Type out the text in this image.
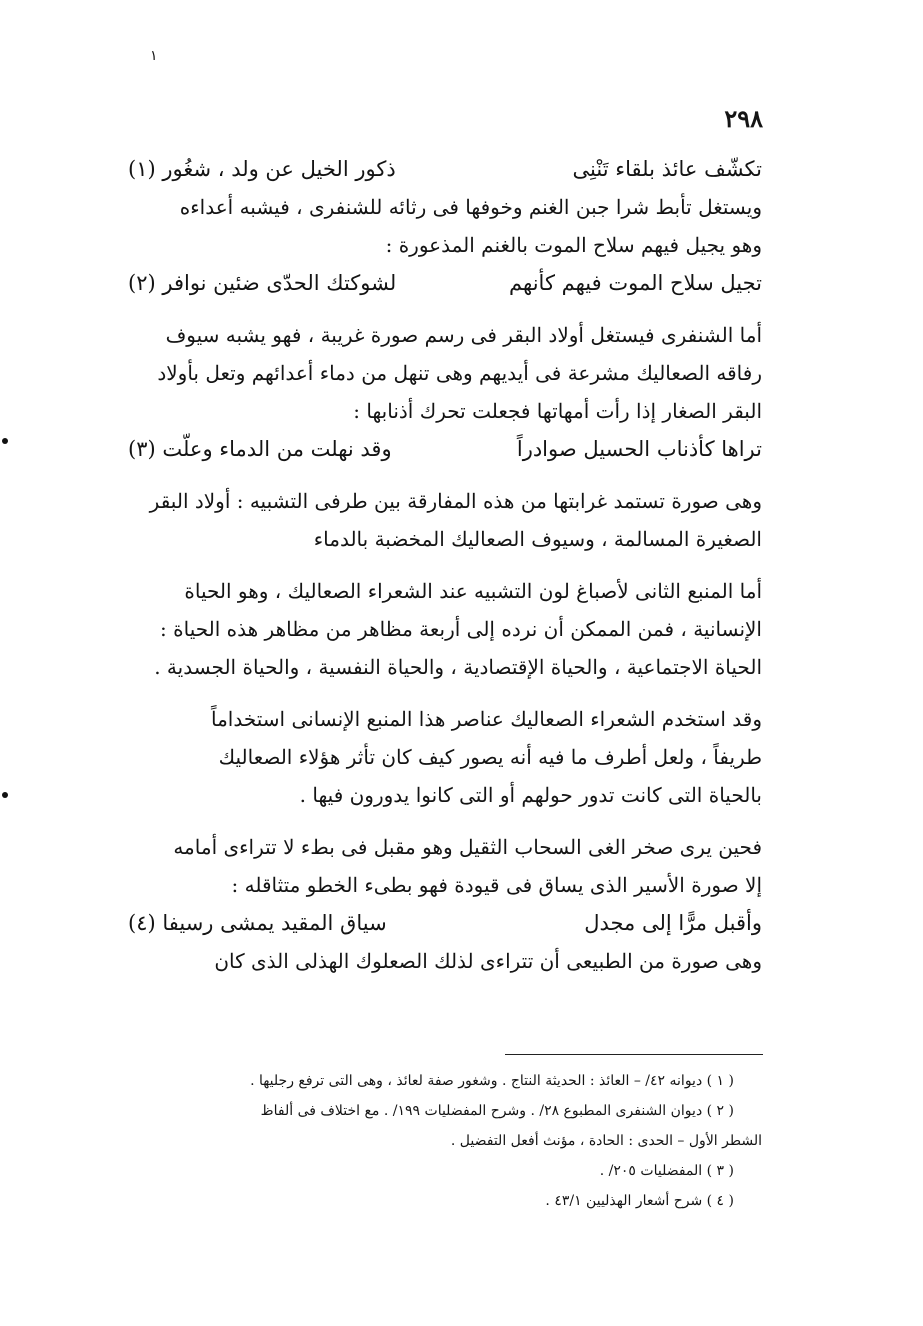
١
٢٩٨
تكشّف عائذ بلقاء تَنْنِى
ذكور الخيل عن ولد ، شغُور (١)
ويستغل تأبط شرا جبن الغنم وخوفها فى رثائه للشنفرى ، فيشبه أعداءه
وهو يجيل فيهم سلاح الموت بالغنم المذعورة :
تجيل سلاح الموت فيهم كأنهم
لشوكتك الحدّى ضئين نوافر (٢)
أما الشنفرى فيستغل أولاد البقر فى رسم صورة غريبة ، فهو يشبه سيوف
رفاقه الصعاليك مشرعة فى أيديهم وهى تنهل من دماء أعدائهم وتعل بأولاد
البقر الصغار إذا رأت أمهاتها فجعلت تحرك أذنابها :
تراها كأذناب الحسيل صوادراً
وقد نهلت من الدماء وعلّت (٣)
وهى صورة تستمد غرابتها من هذه المفارقة بين طرفى التشبيه : أولاد البقر
الصغيرة المسالمة ، وسيوف الصعاليك المخضبة بالدماء
أما المنبع الثانى لأصباغ لون التشبيه عند الشعراء الصعاليك ، وهو الحياة
الإنسانية ، فمن الممكن أن نرده إلى أربعة مظاهر من مظاهر هذه الحياة :
الحياة الاجتماعية ، والحياة الإقتصادية ، والحياة النفسية ، والحياة الجسدية .
وقد استخدم الشعراء الصعاليك عناصر هذا المنبع الإنسانى استخداماً
طريفاً ، ولعل أطرف ما فيه أنه يصور كيف كان تأثر هؤلاء الصعاليك
بالحياة التى كانت تدور حولهم أو التى كانوا يدورون فيها .
فحين يرى صخر الغى السحاب الثقيل وهو مقبل فى بطء لا تتراءى أمامه
إلا صورة الأسير الذى يساق فى قيودة فهو بطىء الخطو متثاقله :
وأقبل مرًّا إلى مجدل
سياق المقيد يمشى رسيفا (٤)
وهى صورة من الطبيعى أن تتراءى لذلك الصعلوك الهذلى الذى كان
( ١ ) ديوانه ٤٢/ – العائذ : الحديثة النتاج . وشغور صفة لعائذ ، وهى التى ترفع رجليها .
( ٢ ) ديوان الشنفرى المطبوع ٢٨/ . وشرح المفضليات ١٩٩/ . مع اختلاف فى ألفاظ
الشطر الأول – الحدى : الحادة ، مؤنث أفعل التفضيل .
( ٣ ) المفضليات ٢٠٥/ .
( ٤ ) شرح أشعار الهذليين ٤٣/١ .
